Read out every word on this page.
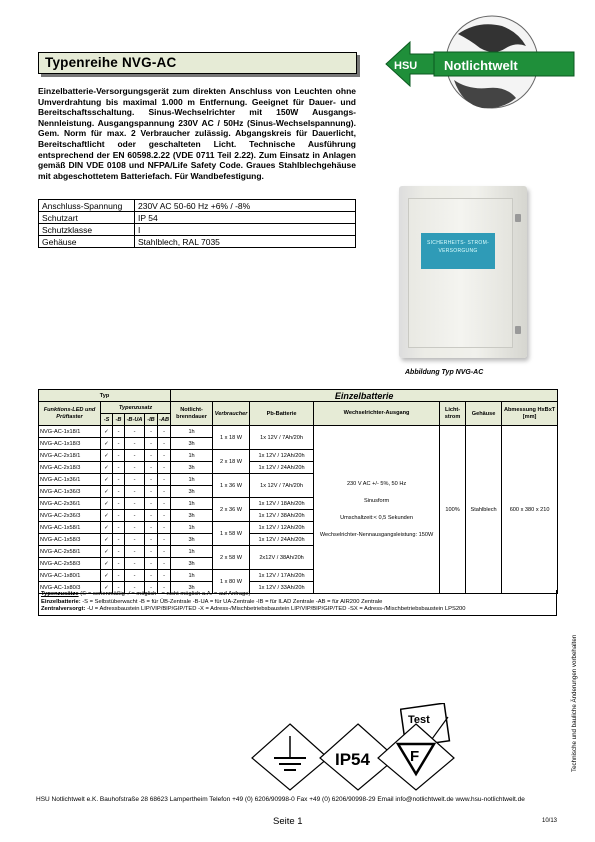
Typenreihe NVG-AC	HSU Notlichtwelt
Einzelbatterie-Versorgungsgerät zum direkten Anschluss von Leuchten ohne Umverdrahtung bis maximal 1.000 m Entfernung. Geeignet für Dauer- und Bereitschaftsschaltung. Sinus-Wechselrichter mit 150W Ausgangs-Nennleistung. Ausgangspannung 230V AC / 50Hz (Sinus-Wechselspannung). Gem. Norm für max. 2 Verbraucher zulässig. Abgangskreis für Dauerlicht, Bereitschaftlicht oder geschalteten Licht. Technische Ausführung entsprechend der EN 60598.2.22 (VDE 0711 Teil 2.22). Zum Einsatz in Anlagen gemäß DIN VDE 0108 und NFPA/Life Safety Code. Graues Stahlblechgehäuse mit abgeschottetem Batteriefach. Für Wandbefestigung.
Anschluss-Spannung	230V AC 50-60 Hz +6% / -8%
Schutzart	IP 54
Schutzklasse	I
Gehäuse	Stahlblech, RAL 7035	SICHERHEITS- STROM- VERSORGUNG
Abbildung Typ NVG-AC
Typ						Einzelbatterie						
Funktions-LED und Prüftaster	Typenzusatz					Notlicht-brenndauer	Verbraucher	Pb-Batterie	Wechselrichter-Ausgang	Licht-strom	Gehäuse	Abmessung HxBxT [mm]
	-S	-B	-B-UA	-IB	-AB							
NVG-AC-1x18/1	✓	-	-	-	-	1h	1 x 18 W	1x 12V / 7Ah/20h	230 V AC +/- 5%, 50 Hz
Sinusform
Umschaltzeit:< 0,5 Sekunden
Wechselrichter-Nennausgangsleistung: 150W	100%	Stahlblech	600 x 380 x 210
NVG-AC-1x18/3	✓	-	-	-	-	3h						
NVG-AC-2x18/1	✓	-	-	-	-	1h	2 x 18 W	1x 12V / 12Ah/20h				
NVG-AC-2x18/3	✓	-	-	-	-	3h		1x 12V / 24Ah/20h				
NVG-AC-1x36/1	✓	-	-	-	-	1h	1 x 36 W	1x 12V / 7Ah/20h				
NVG-AC-1x36/3	✓	-	-	-	-	3h						
NVG-AC-2x36/1	✓	-	-	-	-	1h	2 x 36 W	1x 12V / 18Ah/20h				
NVG-AC-2x36/3	✓	-	-	-	-	3h		1x 12V / 38Ah/20h				
NVG-AC-1x58/1	✓	-	-	-	-	1h	1 x 58 W	1x 12V / 12Ah/20h				
NVG-AC-1x58/3	✓	-	-	-	-	3h		1x 12V / 24Ah/20h				
NVG-AC-2x58/1	✓	-	-	-	-	1h	2 x 58 W	2x12V / 38Ah/20h				
NVG-AC-2x58/3	✓	-	-	-	-	3h						
NVG-AC-1x80/1	✓	-	-	-	-	1h	1 x 80 W	1x 12V / 17Ah/20h				
NVG-AC-1x80/3	✓	-	-	-	-	3h		1x 12V / 33Ah/20h				
Typenzusätze (© = serienmäßig ✓= möglich - = nicht möglich a.A. = auf Anfrage)
Einzelbatterie: -S = Selbstüberwacht -B = für ÜB-Zentrale -B-UA = für UA-Zentrale -IB = für ILAD Zentrale -AB = für AIR200 Zentrale
Zentralversorgt: -U = Adressbaustein LIP/VIP/BIP/GIP/TED -X = Adress-/Mischbetriebsbaustein LIP/VIP/BIP/GIP/TED -SX = Adress-/Mischbetriebsbaustein LPS200
Technische und bauliche Änderungen vorbehalten
Test
IP54	F
HSU Notlichtwelt e.K. Bauhofstraße 28 68623 Lampertheim Telefon +49 (0) 6206/90998-0 Fax +49 (0) 6206/90998-29 Email info@notlichtwelt.de www.hsu-notlichtwelt.de
Seite 1	10/13
